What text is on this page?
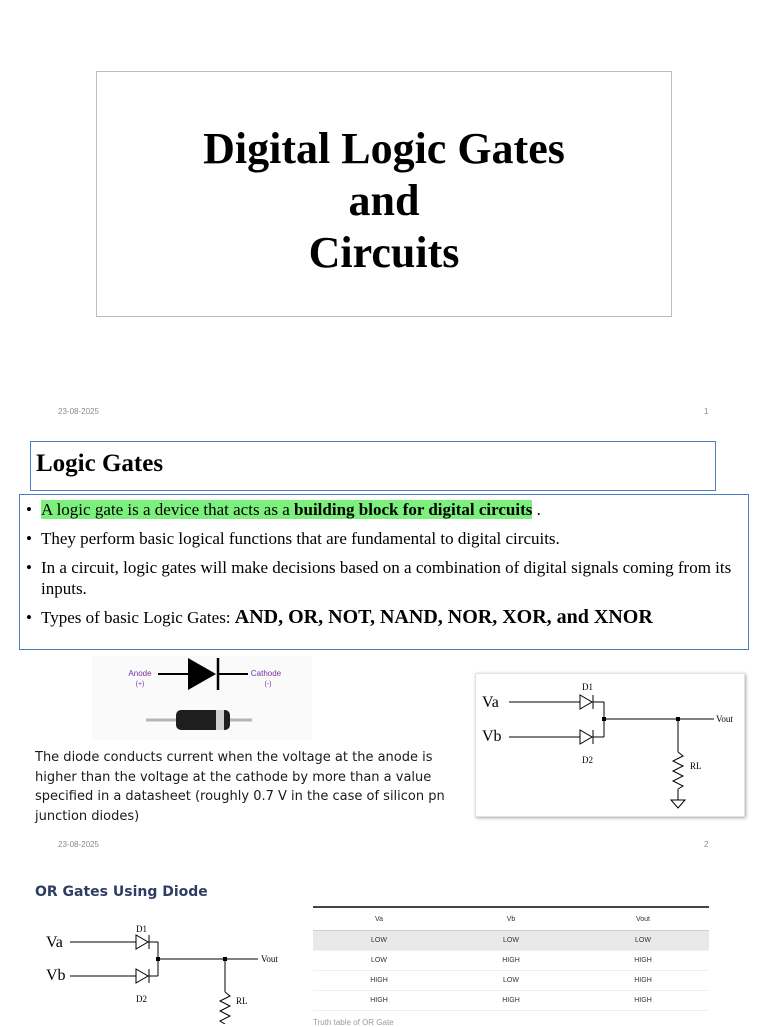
Digital Logic Gates
and
Circuits
23-08-2025	1
Logic Gates
• A logic gate is a device that acts as a building block for digital circuits .
• They perform basic logical functions that are fundamental to digital circuits.
• In a circuit, logic gates will make decisions based on a combination of digital signals coming from its inputs.
• Types of basic Logic Gates: AND, OR, NOT, NAND, NOR, XOR, and XNOR
Anode
(+)
Cathode
(-)
The diode conducts current when the voltage at the anode is higher than the voltage at the cathode by more than a value specified in a datasheet (roughly 0.7 V in the case of silicon pn junction diodes)
Va
Vb
D1
D2
Vout
RL
23-08-2025	2
OR Gates Using Diode
Va
Vb
D1
D2
Vout
RL
Va	Vb	Vout
LOW	LOW	LOW
LOW	HIGH	HIGH
HIGH	LOW	HIGH
HIGH	HIGH	HIGH
Truth table of OR Gate
